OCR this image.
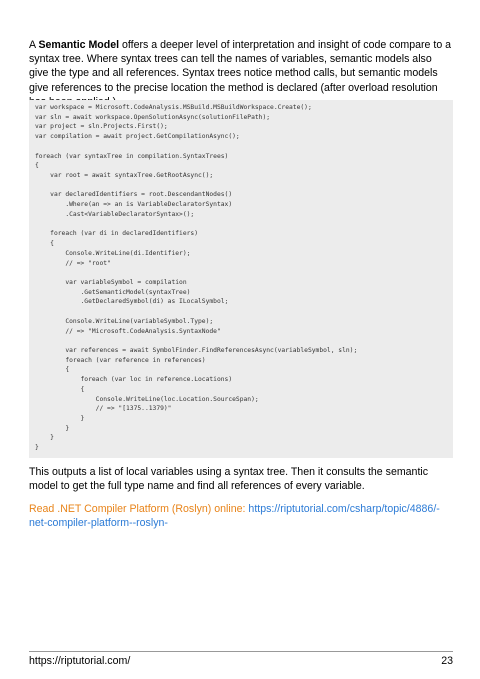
A Semantic Model offers a deeper level of interpretation and insight of code compare to a syntax tree. Where syntax trees can tell the names of variables, semantic models also give the type and all references. Syntax trees notice method calls, but semantic models give references to the precise location the method is declared (after overload resolution

var workspace = Microsoft.CodeAnalysis.MSBuild.MSBuildWorkspace.Create();
var sln = await workspace.OpenSolutionAsync(solutionFilePath);
var project = sln.Projects.First();
var compilation = await project.GetCompilationAsync();
foreach (var syntaxTree in compilation.SyntaxTrees)
{
var root = await syntaxTree.GetRootAsync();
var declaredIdentifiers = root.DescendantNodes()
.Where(an => an is VariableDeclaratorSyntax)
.Cast<VariableDeclaratorSyntax>();
foreach (var di in declaredIdentifiers)
{
Console.WriteLine(di.Identifier);
// => "root"
var variableSymbol = compilation
.GetSemanticModel(syntaxTree)
.GetDeclaredSymbol(di) as ILocalSymbol;
Console.WriteLine(variableSymbol.Type);
// => "Microsoft.CodeAnalysis.SyntaxNode"
var references = await SymbolFinder.FindReferencesAsync(variableSymbol, sln);
foreach (var reference in references)
{
foreach (var loc in reference.Locations)
{
Console.WriteLine(loc.Location.SourceSpan);
// => "[1375..1379)"
}
}
}
}

This outputs a list of local variables using a syntax tree. Then it consults the semantic model to get the full type name and find all references of every variable.

Read .NET Compiler Platform (Roslyn) online: https://riptutorial.com/csharp/topic/4886/-net-compiler-platform--roslyn-

https://riptutorial.com/	23
